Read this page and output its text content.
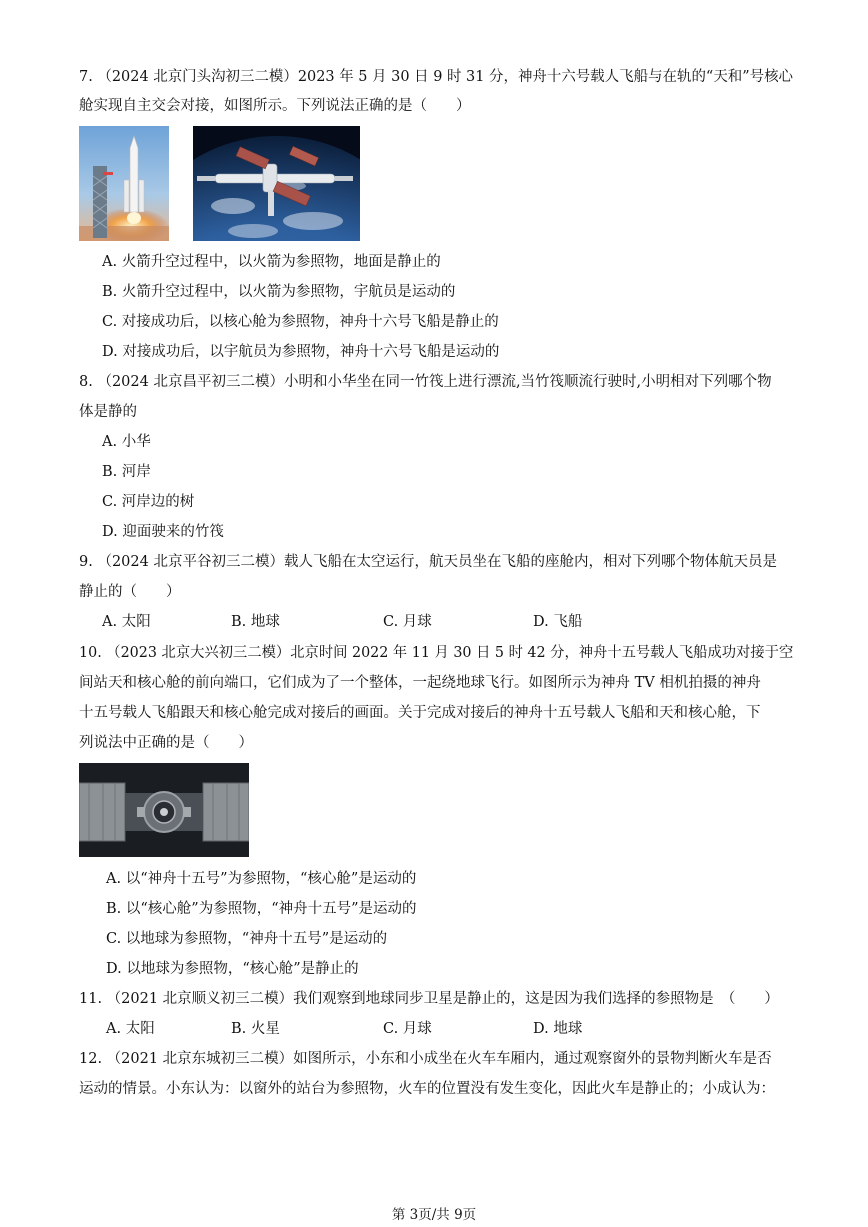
7. （2024 北京门头沟初三二模）2023 年 5 月 30 日 9 时 31 分，神舟十六号载人飞船与在轨的“天和”号核心
舱实现自主交会对接，如图所示。下列说法正确的是（　　）
A. 火箭升空过程中，以火箭为参照物，地面是静止的
B. 火箭升空过程中，以火箭为参照物，宇航员是运动的
C. 对接成功后，以核心舱为参照物，神舟十六号飞船是静止的
D. 对接成功后，以宇航员为参照物，神舟十六号飞船是运动的
8. （2024 北京昌平初三二模）小明和小华坐在同一竹筏上进行漂流,当竹筏顺流行驶时,小明相对下列哪个物
体是静的
A. 小华
B. 河岸
C. 河岸边的树
D. 迎面驶来的竹筏
9. （2024 北京平谷初三二模）载人飞船在太空运行，航天员坐在飞船的座舱内，相对下列哪个物体航天员是
静止的（　　）
A. 太阳	B. 地球	C. 月球	D. 飞船
10. （2023 北京大兴初三二模）北京时间 2022 年 11 月 30 日 5 时 42 分，神舟十五号载人飞船成功对接于空
间站天和核心舱的前向端口，它们成为了一个整体，一起绕地球飞行。如图所示为神舟 TV 相机拍摄的神舟
十五号载人飞船跟天和核心舱完成对接后的画面。关于完成对接后的神舟十五号载人飞船和天和核心舱，下
列说法中正确的是（　　）
A. 以“神舟十五号”为参照物，“核心舱”是运动的
B. 以“核心舱”为参照物，“神舟十五号”是运动的
C. 以地球为参照物，“神舟十五号”是运动的
D. 以地球为参照物，“核心舱”是静止的
11. （2021 北京顺义初三二模）我们观察到地球同步卫星是静止的，这是因为我们选择的参照物是　（　　）
A. 太阳	B. 火星	C. 月球	D. 地球
12. （2021 北京东城初三二模）如图所示，小东和小成坐在火车车厢内，通过观察窗外的景物判断火车是否
运动的情景。小东认为：以窗外的站台为参照物，火车的位置没有发生变化，因此火车是静止的；小成认为：
第 3页/共 9页
